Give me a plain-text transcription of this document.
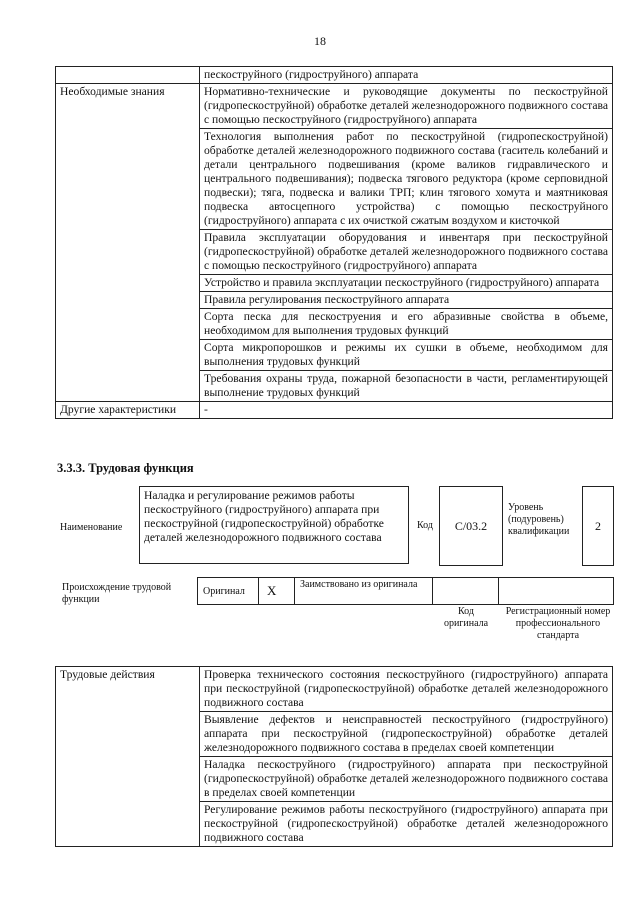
18
	пескоструйного (гидроструйного) аппарата
Необходимые знания	Нормативно-технические и руководящие документы по пескоструйной (гидропескоструйной) обработке деталей железнодорожного подвижного состава с помощью пескоструйного (гидроструйного) аппарата
	Технология выполнения работ по пескоструйной (гидропескоструйной) обработке деталей железнодорожного подвижного состава (гаситель колебаний и детали центрального подвешивания (кроме валиков гидравлического и центрального подвешивания); подвеска тягового редуктора (кроме серповидной подвески); тяга, подвеска и валики ТРП; клин тягового хомута и маятниковая подвеска автосцепного устройства) с помощью пескоструйного (гидроструйного) аппарата с их очисткой сжатым воздухом и кисточкой
	Правила эксплуатации оборудования и инвентаря при пескоструйной (гидропескоструйной) обработке деталей железнодорожного подвижного состава с помощью пескоструйного (гидроструйного) аппарата
	Устройство и правила эксплуатации пескоструйного (гидроструйного) аппарата
	Правила регулирования пескоструйного аппарата
	Сорта песка для пескоструения и его абразивные свойства в объеме, необходимом для выполнения трудовых функций
	Сорта микропорошков и режимы их сушки в объеме, необходимом для выполнения трудовых функций
	Требования охраны труда, пожарной безопасности в части, регламентирующей выполнение трудовых функций
Другие характеристики	-
3.3.3. Трудовая функция
Наименование
Наладка и регулирование режимов работы пескоструйного (гидроструйного) аппарата при пескоструйной (гидропескоструйной) обработке деталей железнодорожного подвижного состава
Код	C/03.2
Уровень (подуровень) квалификации	2
Происхождение трудовой функции
Оригинал X Заимствовано из оригинала
Код оригинала
Регистрационный номер профессионального стандарта
Трудовые действия	Проверка технического состояния пескоструйного (гидроструйного) аппарата при пескоструйной (гидропескоструйной) обработке деталей железнодорожного подвижного состава
Выявление дефектов и неисправностей пескоструйного (гидроструйного) аппарата при пескоструйной (гидропескоструйной) обработке деталей железнодорожного подвижного состава в пределах своей компетенции
Наладка пескоструйного (гидроструйного) аппарата при пескоструйной (гидропескоструйной) обработке деталей железнодорожного подвижного состава в пределах своей компетенции
Регулирование режимов работы пескоструйного (гидроструйного) аппарата при пескоструйной (гидропескоструйной) обработке деталей железнодорожного подвижного состава
